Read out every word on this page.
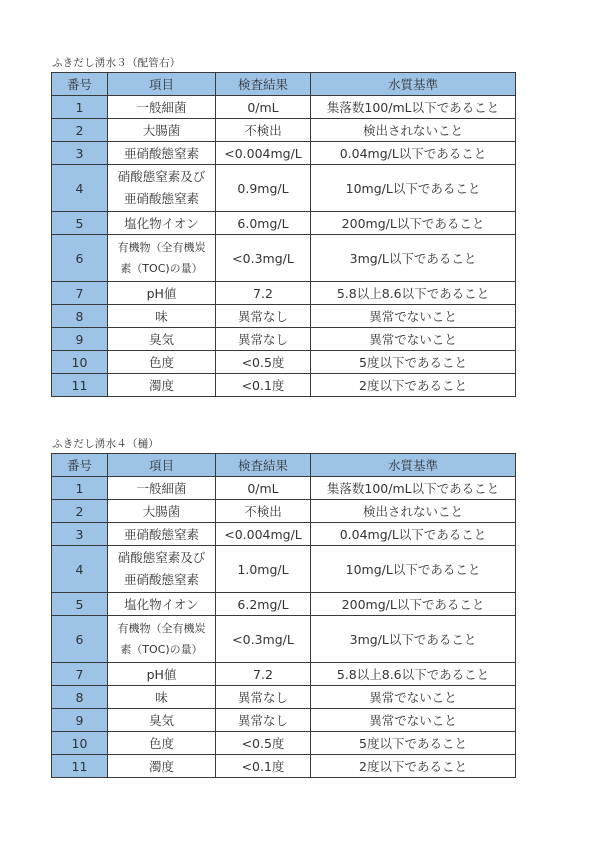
ふきだし湧水３（配管右）
番号	項目	検査結果	水質基準
1	一般細菌	0/mL	集落数100/mL以下であること
2	大腸菌	不検出	検出されないこと
3	亜硝酸態窒素	<0.004mg/L	0.04mg/L以下であること
4	硝酸態窒素及び
亜硝酸態窒素	0.9mg/L	10mg/L以下であること
5	塩化物イオン	6.0mg/L	200mg/L以下であること
6	有機物（全有機炭
素（TOC)の量）	<0.3mg/L	3mg/L以下であること
7	pH値	7.2	5.8以上8.6以下であること
8	味	異常なし	異常でないこと
9	臭気	異常なし	異常でないこと
10	色度	<0.5度	5度以下であること
11	濁度	<0.1度	2度以下であること
ふきだし湧水４（樋）
番号	項目	検査結果	水質基準
1	一般細菌	0/mL	集落数100/mL以下であること
2	大腸菌	不検出	検出されないこと
3	亜硝酸態窒素	<0.004mg/L	0.04mg/L以下であること
4	硝酸態窒素及び
亜硝酸態窒素	1.0mg/L	10mg/L以下であること
5	塩化物イオン	6.2mg/L	200mg/L以下であること
6	有機物（全有機炭
素（TOC)の量）	<0.3mg/L	3mg/L以下であること
7	pH値	7.2	5.8以上8.6以下であること
8	味	異常なし	異常でないこと
9	臭気	異常なし	異常でないこと
10	色度	<0.5度	5度以下であること
11	濁度	<0.1度	2度以下であること
